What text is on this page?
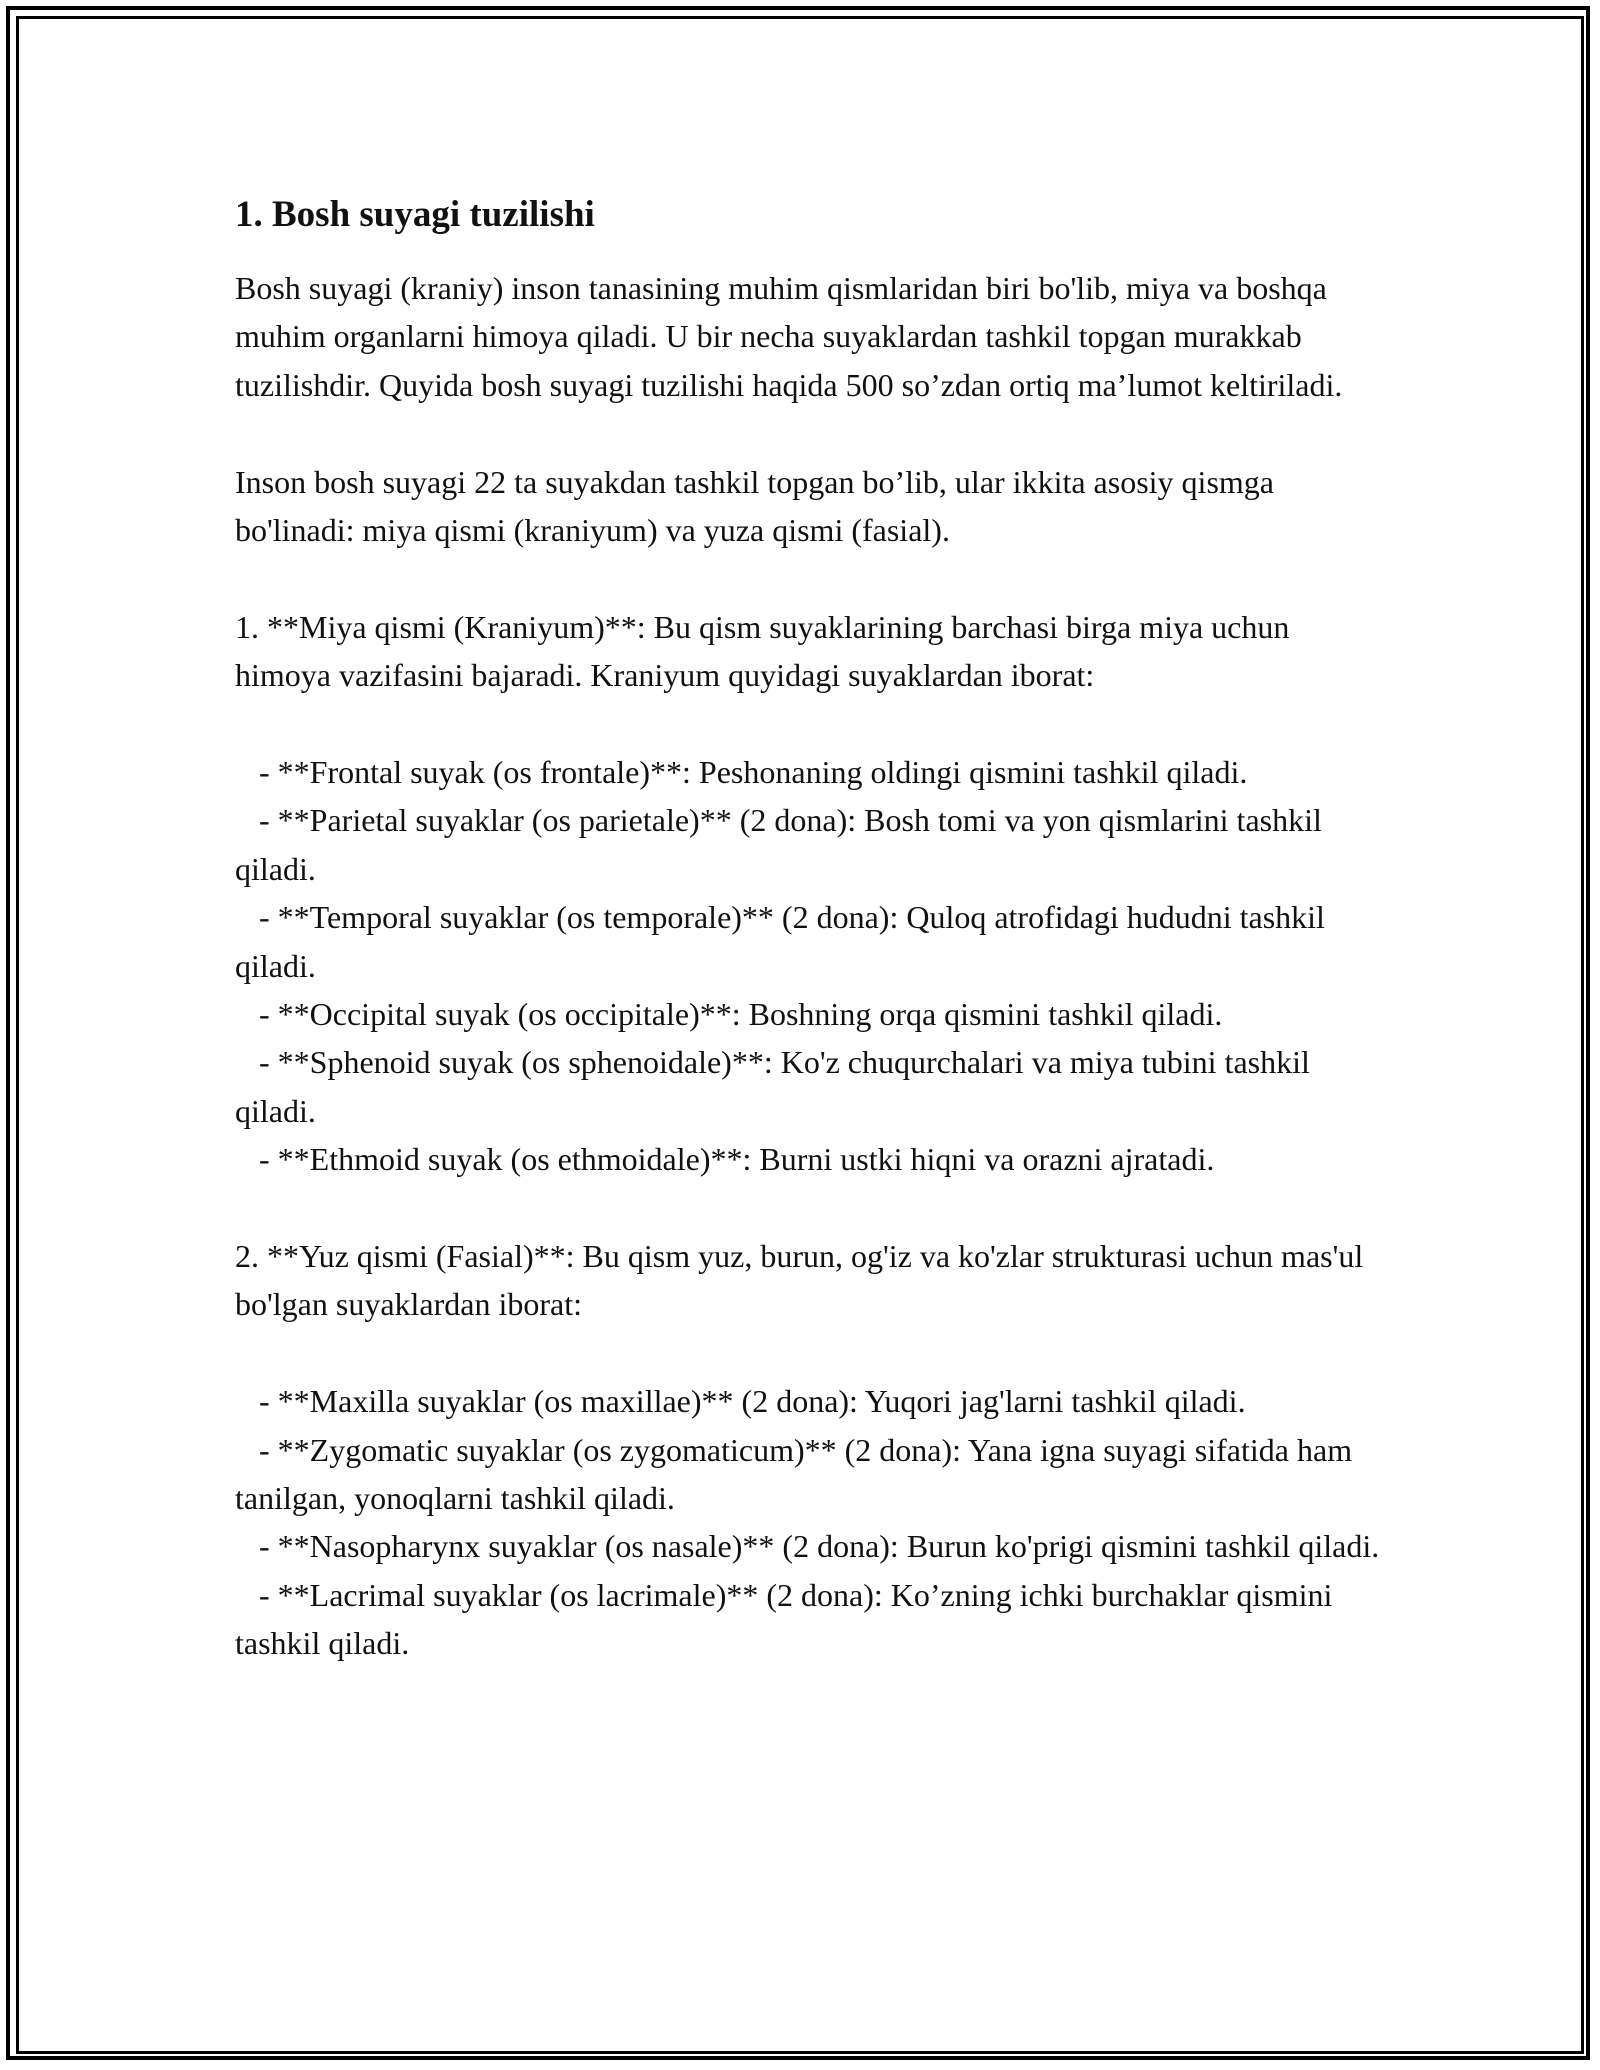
1. Bosh suyagi tuzilishi

Bosh suyagi (kraniy) inson tanasining muhim qismlaridan biri bo'lib, miya va boshqa muhim organlarni himoya qiladi. U bir necha suyaklardan tashkil topgan murakkab tuzilishdir. Quyida bosh suyagi tuzilishi haqida 500 so’zdan ortiq ma’lumot keltiriladi.

Inson bosh suyagi 22 ta suyakdan tashkil topgan bo’lib, ular ikkita asosiy qismga bo'linadi: miya qismi (kraniyum) va yuza qismi (fasial).

1. **Miya qismi (Kraniyum)**: Bu qism suyaklarining barchasi birga miya uchun himoya vazifasini bajaradi. Kraniyum quyidagi suyaklardan iborat:

- **Frontal suyak (os frontale)**: Peshonaning oldingi qismini tashkil qiladi.

- **Parietal suyaklar (os parietale)** (2 dona): Bosh tomi va yon qismlarini tashkil qiladi.

- **Temporal suyaklar (os temporale)** (2 dona): Quloq atrofidagi hududni tashkil qiladi.

- **Occipital suyak (os occipitale)**: Boshning orqa qismini tashkil qiladi.

- **Sphenoid suyak (os sphenoidale)**: Ko'z chuqurchalari va miya tubini tashkil qiladi.

- **Ethmoid suyak (os ethmoidale)**: Burni ustki hiqni va orazni ajratadi.

2. **Yuz qismi (Fasial)**: Bu qism yuz, burun, og'iz va ko'zlar strukturasi uchun mas'ul bo'lgan suyaklardan iborat:

- **Maxilla suyaklar (os maxillae)** (2 dona): Yuqori jag'larni tashkil qiladi.

- **Zygomatic suyaklar (os zygomaticum)** (2 dona): Yana igna suyagi sifatida ham tanilgan, yonoqlarni tashkil qiladi.

- **Nasopharynx suyaklar (os nasale)** (2 dona): Burun ko'prigi qismini tashkil qiladi.

- **Lacrimal suyaklar (os lacrimale)** (2 dona): Ko’zning ichki burchaklar qismini tashkil qiladi.
